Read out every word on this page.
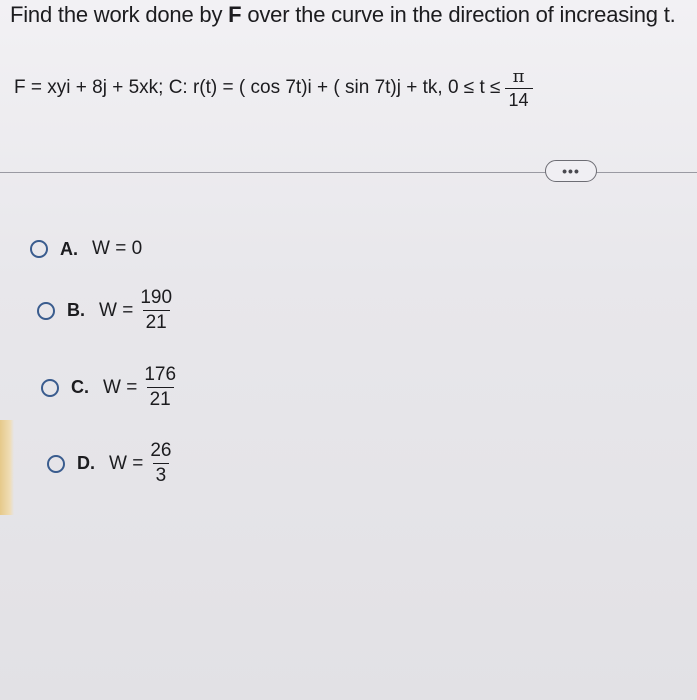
Find the work done by F over the curve in the direction of increasing t.
F = xyi + 8j + 5xk; C: r(t) = ( cos 7t)i + ( sin 7t)j + tk, $0 \le t \le \frac{\pi}{14}$
•••
A. W = 0
B. $W = \frac{190}{21}$
C. $W = \frac{176}{21}$
D. $W = \frac{26}{3}$
